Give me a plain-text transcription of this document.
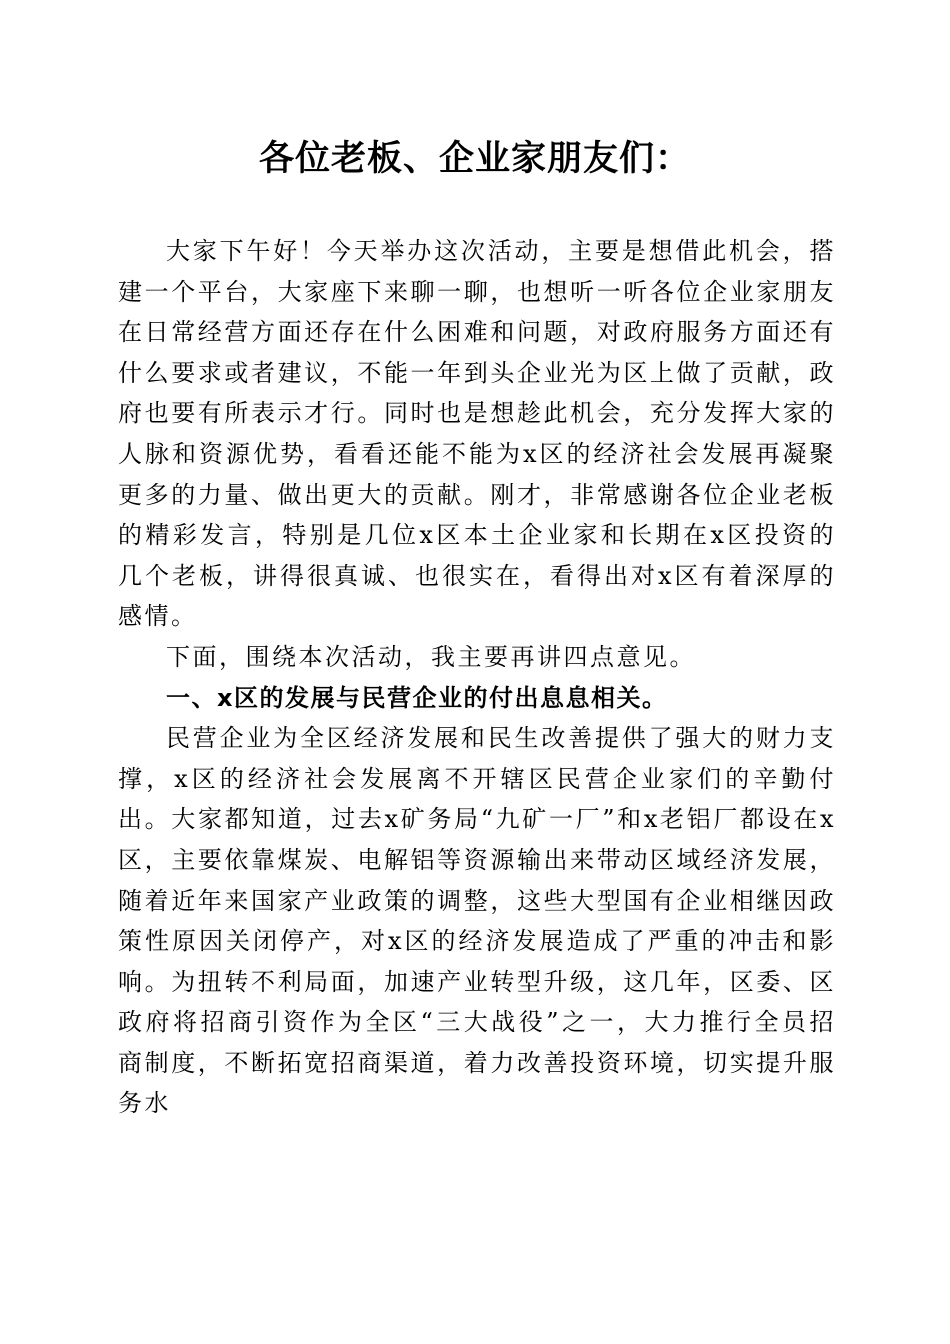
各位老板、企业家朋友们：

大家下午好！今天举办这次活动，主要是想借此机会，搭建一个平台，大家座下来聊一聊，也想听一听各位企业家朋友在日常经营方面还存在什么困难和问题，对政府服务方面还有什么要求或者建议，不能一年到头企业光为区上做了贡献，政府也要有所表示才行。同时也是想趁此机会，充分发挥大家的人脉和资源优势，看看还能不能为x区的经济社会发展再凝聚更多的力量、做出更大的贡献。刚才，非常感谢各位企业老板的精彩发言，特别是几位x区本土企业家和长期在x区投资的几个老板，讲得很真诚、也很实在，看得出对x区有着深厚的感情。

下面，围绕本次活动，我主要再讲四点意见。

一、x区的发展与民营企业的付出息息相关。

民营企业为全区经济发展和民生改善提供了强大的财力支撑，x区的经济社会发展离不开辖区民营企业家们的辛勤付出。大家都知道，过去x矿务局“九矿一厂”和x老铝厂都设在x区，主要依靠煤炭、电解铝等资源输出来带动区域经济发展，随着近年来国家产业政策的调整，这些大型国有企业相继因政策性原因关闭停产，对x区的经济发展造成了严重的冲击和影响。为扭转不利局面，加速产业转型升级，这几年，区委、区政府将招商引资作为全区“三大战役”之一，大力推行全员招商制度，不断拓宽招商渠道，着力改善投资环境，切实提升服务水
